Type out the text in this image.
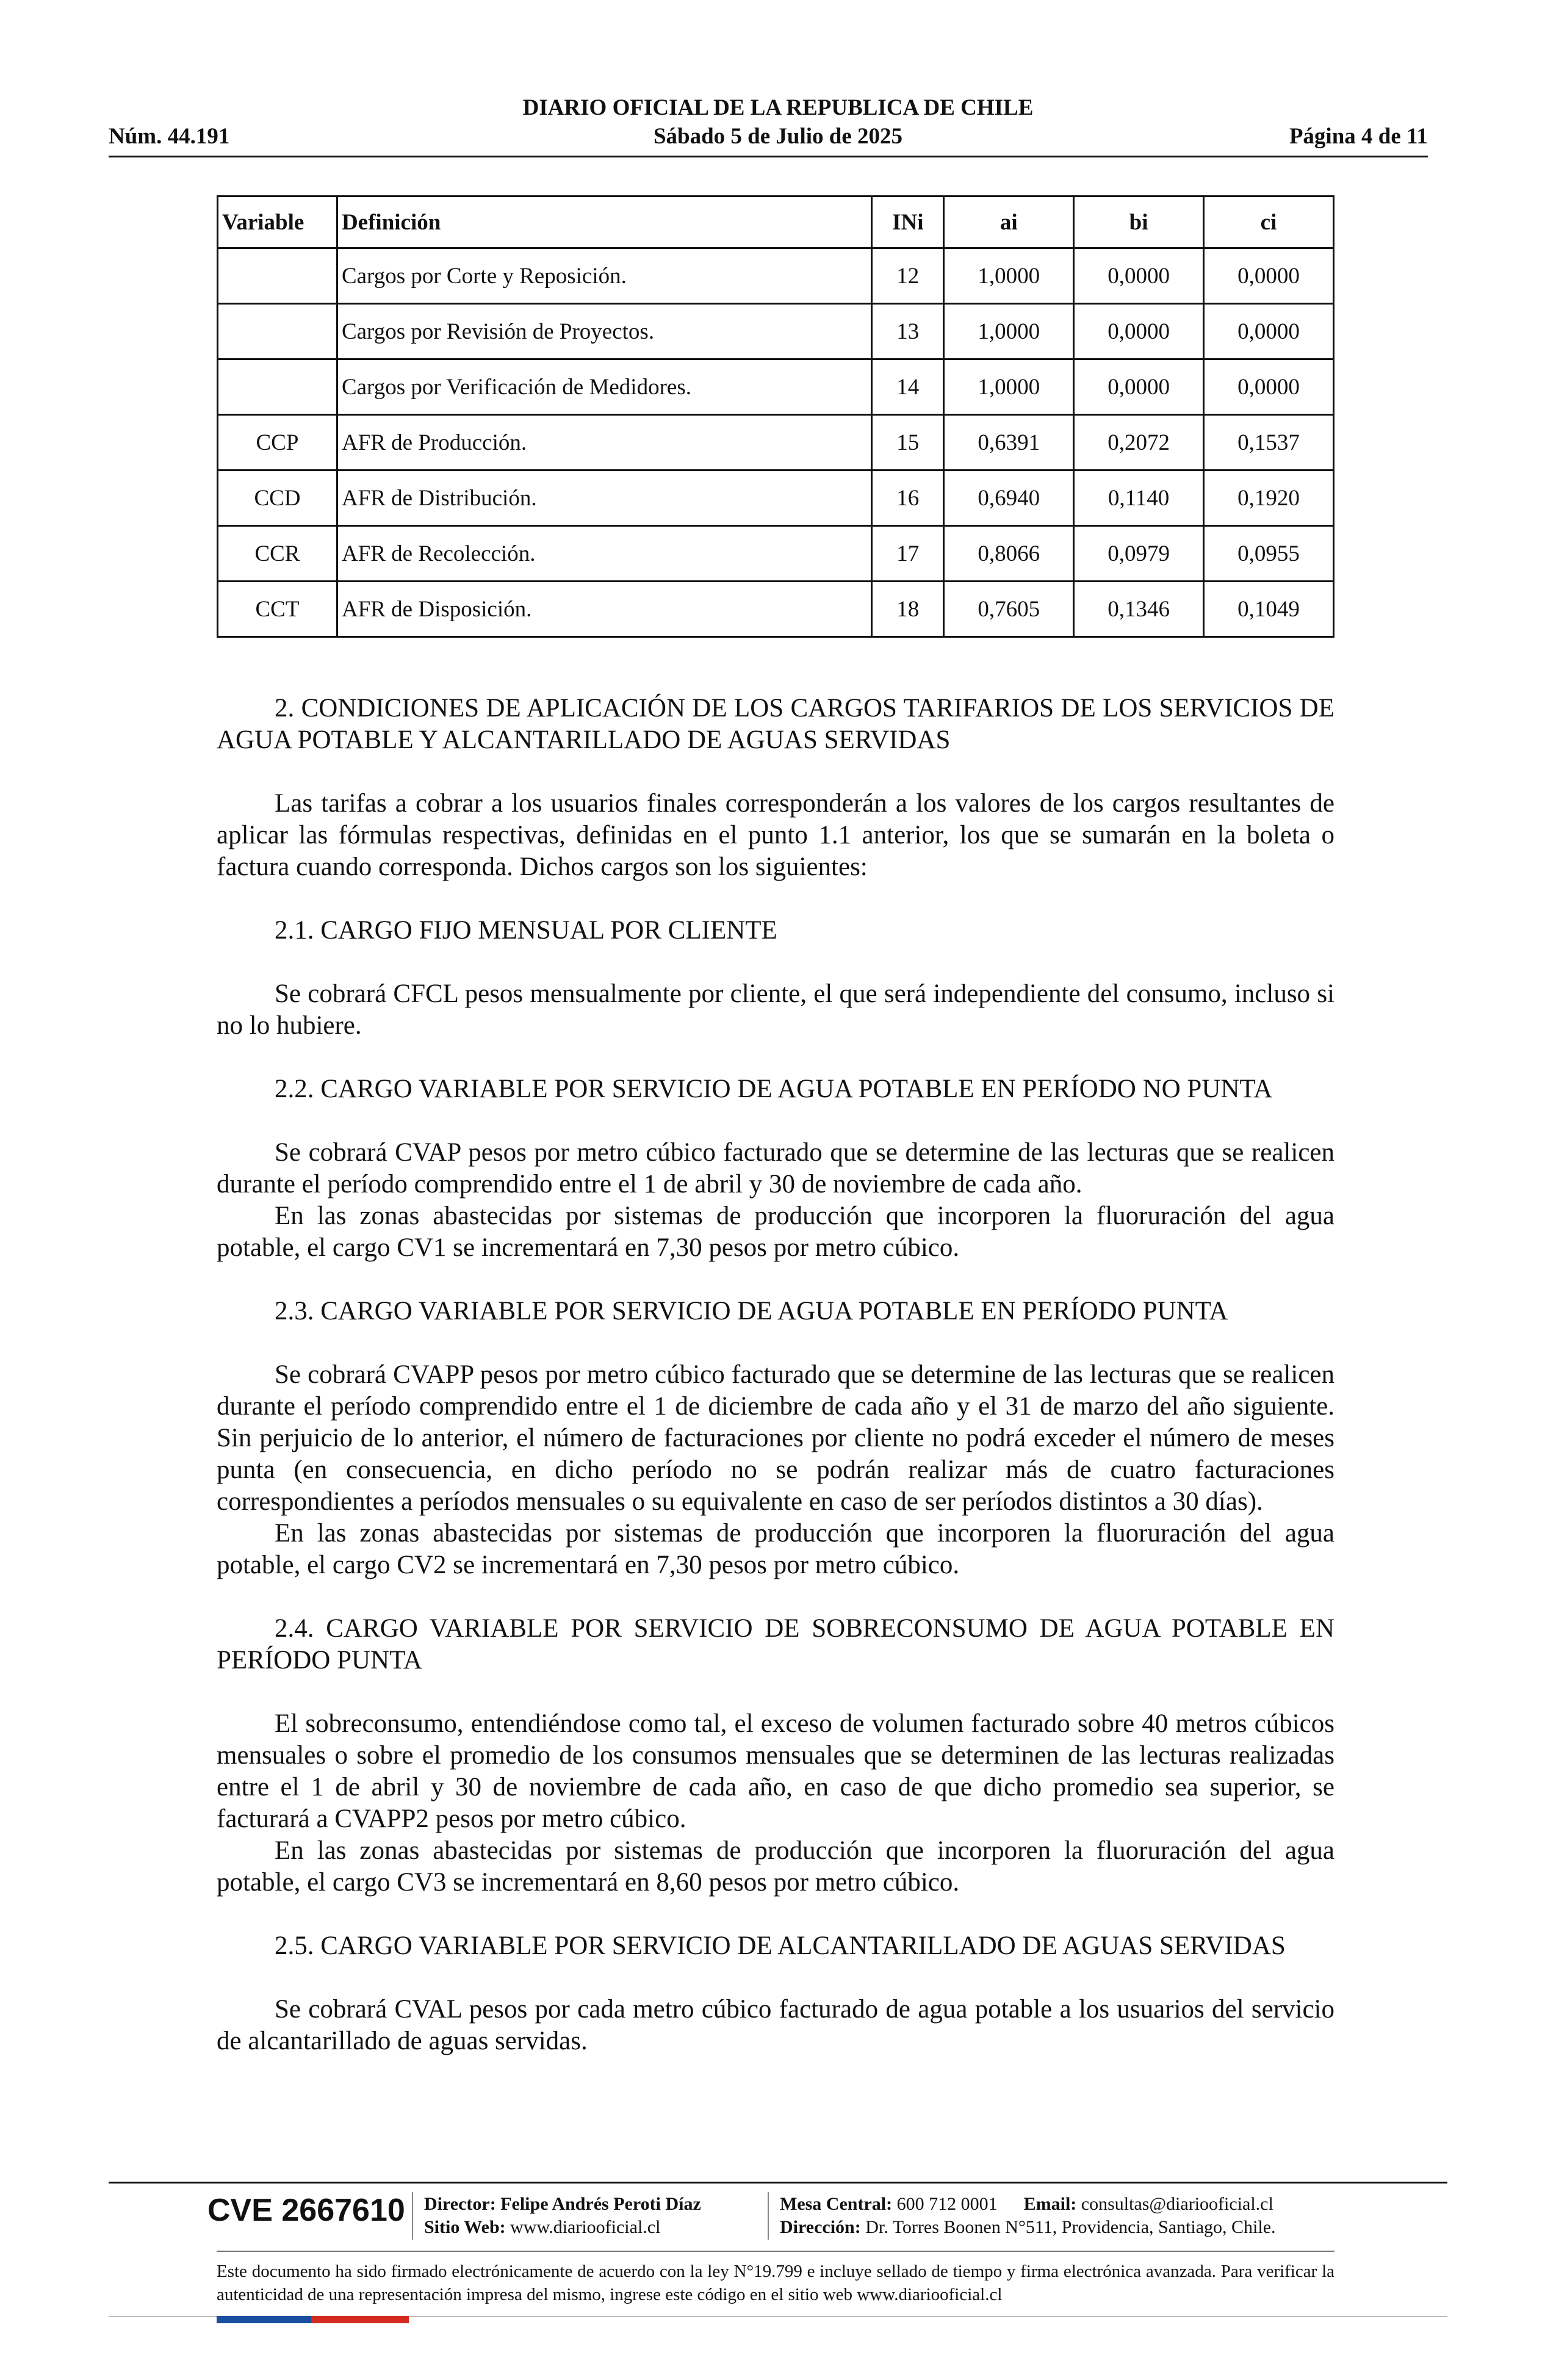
DIARIO OFICIAL DE LA REPUBLICA DE CHILE
Núm. 44.191	Sábado 5 de Julio de 2025	Página 4 de 11
Variable	Definición	INi	ai	bi	ci
	Cargos por Corte y Reposición.	12	1,0000	0,0000	0,0000
	Cargos por Revisión de Proyectos.	13	1,0000	0,0000	0,0000
	Cargos por Verificación de Medidores.	14	1,0000	0,0000	0,0000
CCP	AFR de Producción.	15	0,6391	0,2072	0,1537
CCD	AFR de Distribución.	16	0,6940	0,1140	0,1920
CCR	AFR de Recolección.	17	0,8066	0,0979	0,0955
CCT	AFR de Disposición.	18	0,7605	0,1346	0,1049
2. CONDICIONES DE APLICACIÓN DE LOS CARGOS TARIFARIOS DE LOS SERVICIOS DE AGUA POTABLE Y ALCANTARILLADO DE AGUAS SERVIDAS

Las tarifas a cobrar a los usuarios finales corresponderán a los valores de los cargos resultantes de aplicar las fórmulas respectivas, definidas en el punto 1.1 anterior, los que se sumarán en la boleta o factura cuando corresponda. Dichos cargos son los siguientes:

2.1. CARGO FIJO MENSUAL POR CLIENTE

Se cobrará CFCL pesos mensualmente por cliente, el que será independiente del consumo, incluso si no lo hubiere.

2.2. CARGO VARIABLE POR SERVICIO DE AGUA POTABLE EN PERÍODO NO PUNTA

Se cobrará CVAP pesos por metro cúbico facturado que se determine de las lecturas que se realicen durante el período comprendido entre el 1 de abril y 30 de noviembre de cada año.

En las zonas abastecidas por sistemas de producción que incorporen la fluoruración del agua potable, el cargo CV1 se incrementará en 7,30 pesos por metro cúbico.

2.3. CARGO VARIABLE POR SERVICIO DE AGUA POTABLE EN PERÍODO PUNTA

Se cobrará CVAPP pesos por metro cúbico facturado que se determine de las lecturas que se realicen durante el período comprendido entre el 1 de diciembre de cada año y el 31 de marzo del año siguiente. Sin perjuicio de lo anterior, el número de facturaciones por cliente no podrá exceder el número de meses punta (en consecuencia, en dicho período no se podrán realizar más de cuatro facturaciones correspondientes a períodos mensuales o su equivalente en caso de ser períodos distintos a 30 días).

En las zonas abastecidas por sistemas de producción que incorporen la fluoruración del agua potable, el cargo CV2 se incrementará en 7,30 pesos por metro cúbico.

2.4. CARGO VARIABLE POR SERVICIO DE SOBRECONSUMO DE AGUA POTABLE EN PERÍODO PUNTA

El sobreconsumo, entendiéndose como tal, el exceso de volumen facturado sobre 40 metros cúbicos mensuales o sobre el promedio de los consumos mensuales que se determinen de las lecturas realizadas entre el 1 de abril y 30 de noviembre de cada año, en caso de que dicho promedio sea superior, se facturará a CVAPP2 pesos por metro cúbico.

En las zonas abastecidas por sistemas de producción que incorporen la fluoruración del agua potable, el cargo CV3 se incrementará en 8,60 pesos por metro cúbico.

2.5. CARGO VARIABLE POR SERVICIO DE ALCANTARILLADO DE AGUAS SERVIDAS

Se cobrará CVAL pesos por cada metro cúbico facturado de agua potable a los usuarios del servicio de alcantarillado de aguas servidas.

CVE 2667610 Director: Felipe Andrés Peroti Díaz
Sitio Web: www.diariooficial.cl
Mesa Central: 600 712 0001 Email: consultas@diariooficial.cl
Dirección: Dr. Torres Boonen N°511, Providencia, Santiago, Chile.
Este documento ha sido firmado electrónicamente de acuerdo con la ley N°19.799 e incluye sellado de tiempo y firma electrónica avanzada. Para verificar la autenticidad de una representación impresa del mismo, ingrese este código en el sitio web www.diariooficial.cl
